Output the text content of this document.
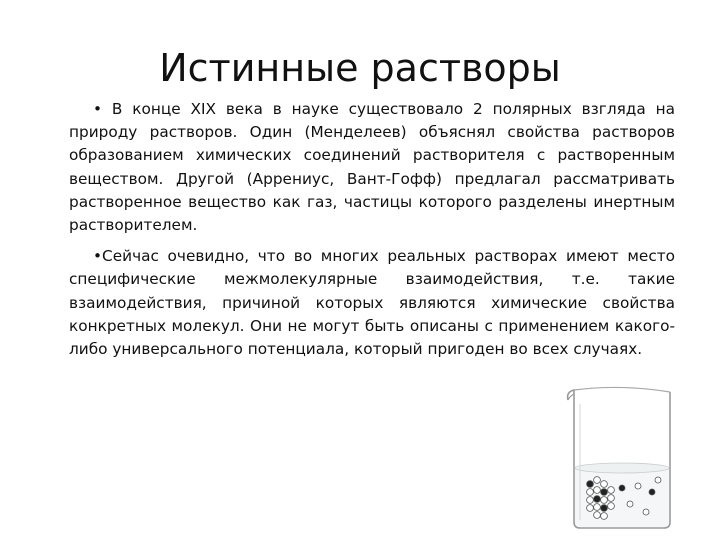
Истинные растворы

• В конце XIX века в науке существовало 2 полярных взгляда на природу растворов. Один (Менделеев) объяснял свойства растворов образованием химических соединений растворителя с растворенным веществом. Другой (Аррениус, Вант-Гофф) предлагал рассматривать растворенное вещество как газ, частицы которого разделены инертным растворителем.

•Сейчас очевидно, что во многих реальных растворах имеют место специфические межмолекулярные взаимодействия, т.е. такие взаимодействия, причиной которых являются химические свойства конкретных молекул. Они не могут быть описаны с применением какого-либо универсального потенциала, который пригоден во всех случаях.
